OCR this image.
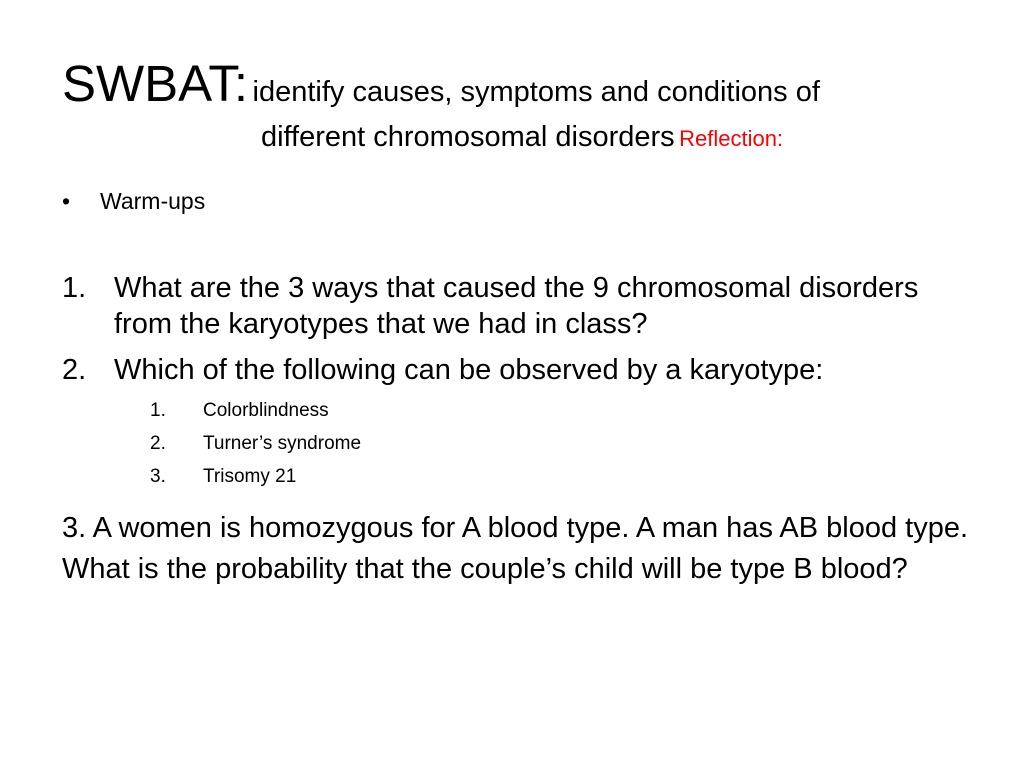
SWBAT: identify causes, symptoms and conditions of
different chromosomal disorders Reflection:
•	Warm-ups
1. What are the 3 ways that caused the 9 chromosomal disorders from the karyotypes that we had in class?
2. Which of the following can be observed by a karyotype:
1.	Colorblindness
2.	Turner’s syndrome
3.	Trisomy 21
3. A women is homozygous for A blood type. A man has AB blood type. What is the probability that the couple’s child will be type B blood?
